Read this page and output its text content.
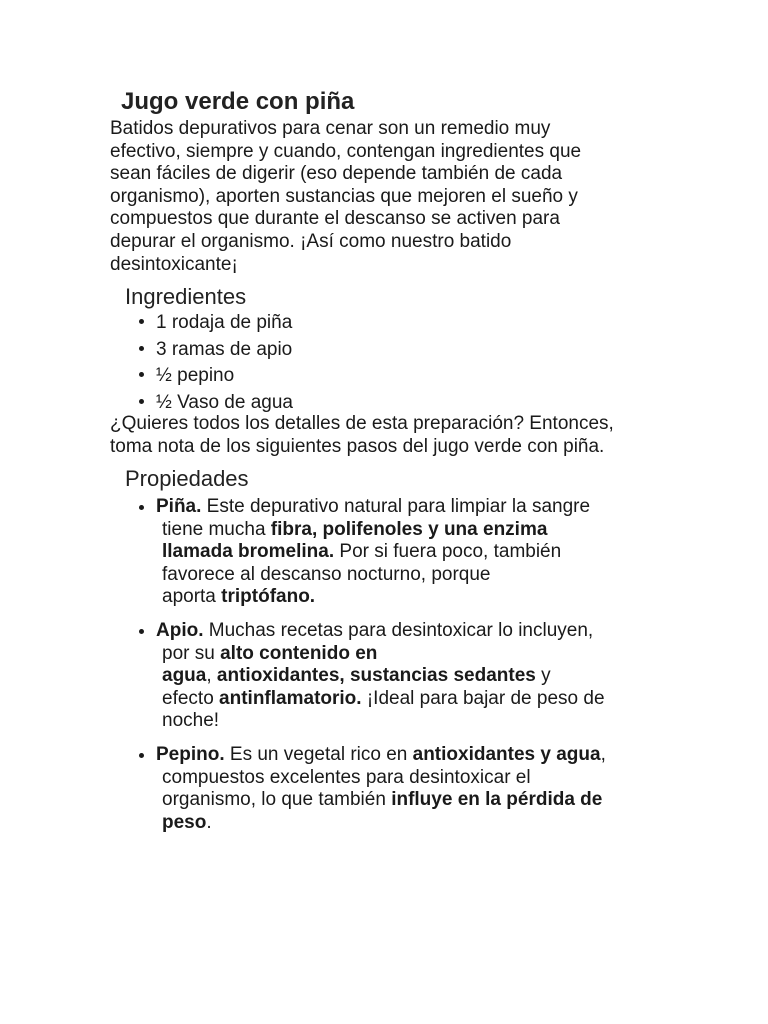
Jugo verde con piña

Batidos depurativos para cenar son un remedio muy
efectivo, siempre y cuando, contengan ingredientes que
sean fáciles de digerir (eso depende también de cada
organismo), aporten sustancias que mejoren el sueño y
compuestos que durante el descanso se activen para
depurar el organismo. ¡Así como nuestro batido
desintoxicante¡

Ingredientes
1 rodaja de piña
3 ramas de apio
½ pepino
½ Vaso de agua

¿Quieres todos los detalles de esta preparación? Entonces,
toma nota de los siguientes pasos del jugo verde con piña.

Propiedades
Piña. Este depurativo natural para limpiar la sangre
tiene mucha fibra, polifenoles y una enzima
llamada bromelina. Por si fuera poco, también
favorece al descanso nocturno, porque
aporta triptófano.
Apio. Muchas recetas para desintoxicar lo incluyen,
por su alto contenido en
agua, antioxidantes, sustancias sedantes y
efecto antinflamatorio. ¡Ideal para bajar de peso de
noche!
Pepino. Es un vegetal rico en antioxidantes y agua,
compuestos excelentes para desintoxicar el
organismo, lo que también influye en la pérdida de
peso.
